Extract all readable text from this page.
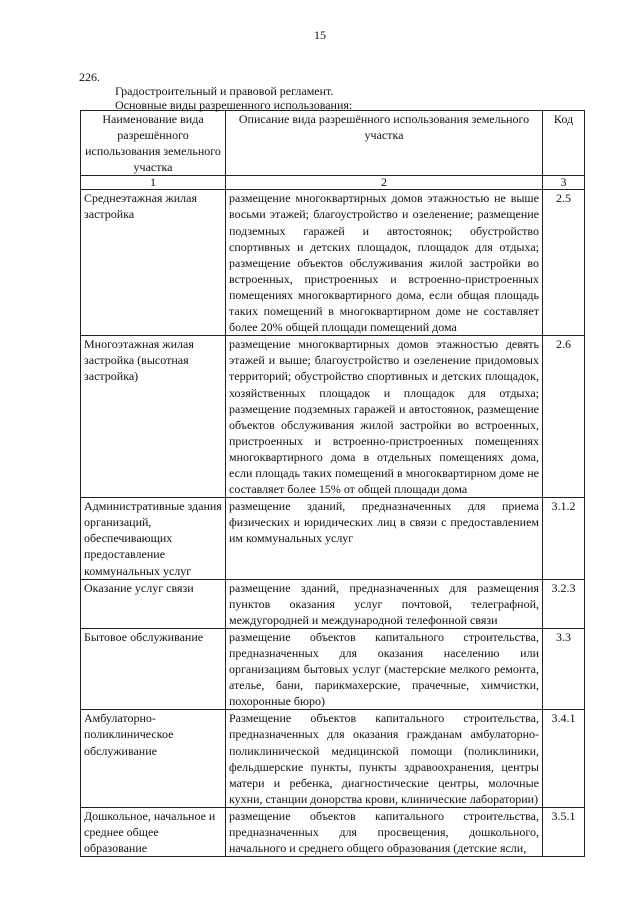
15
226.
Градостроительный и правовой регламент.
Основные виды разрешенного использования:
Наименование вида разрешённого использования земельного участка	Описание вида разрешённого использования земельного участка	Код
1	2	3
Среднеэтажная жилая застройка	размещение многоквартирных домов этажностью не выше восьми этажей; благоустройство и озеленение; размещение подземных гаражей и автостоянок; обустройство спортивных и детских площадок, площадок для отдыха; размещение объектов обслуживания жилой застройки во встроенных, пристроенных и встроенно-пристроенных помещениях многоквартирного дома, если общая площадь таких помещений в многоквартирном доме не составляет более 20% общей площади помещений дома	2.5
Многоэтажная жилая застройка (высотная застройка)	размещение многоквартирных домов этажностью девять этажей и выше; благоустройство и озеленение придомовых территорий; обустройство спортивных и детских площадок, хозяйственных площадок и площадок для отдыха; размещение подземных гаражей и автостоянок, размещение объектов обслуживания жилой застройки во встроенных, пристроенных и встроенно-пристроенных помещениях многоквартирного дома в отдельных помещениях дома, если площадь таких помещений в многоквартирном доме не составляет более 15% от общей площади дома	2.6
Административные здания организаций, обеспечивающих предоставление коммунальных услуг	размещение зданий, предназначенных для приема физических и юридических лиц в связи с предоставлением им коммунальных услуг	3.1.2
Оказание услуг связи	размещение зданий, предназначенных для размещения пунктов оказания услуг почтовой, телеграфной, междугородней и международной телефонной связи	3.2.3
Бытовое обслуживание	размещение объектов капитального строительства, предназначенных для оказания населению или организациям бытовых услуг (мастерские мелкого ремонта, ателье, бани, парикмахерские, прачечные, химчистки, похоронные бюро)	3.3
Амбулаторно-поликлиническое обслуживание	Размещение объектов капитального строительства, предназначенных для оказания гражданам амбулаторно-поликлинической медицинской помощи (поликлиники, фельдшерские пункты, пункты здравоохранения, центры матери и ребенка, диагностические центры, молочные кухни, станции донорства крови, клинические лаборатории)	3.4.1
Дошкольное, начальное и среднее общее образование	размещение объектов капитального строительства, предназначенных для просвещения, дошкольного, начального и среднего общего образования (детские ясли,	3.5.1
